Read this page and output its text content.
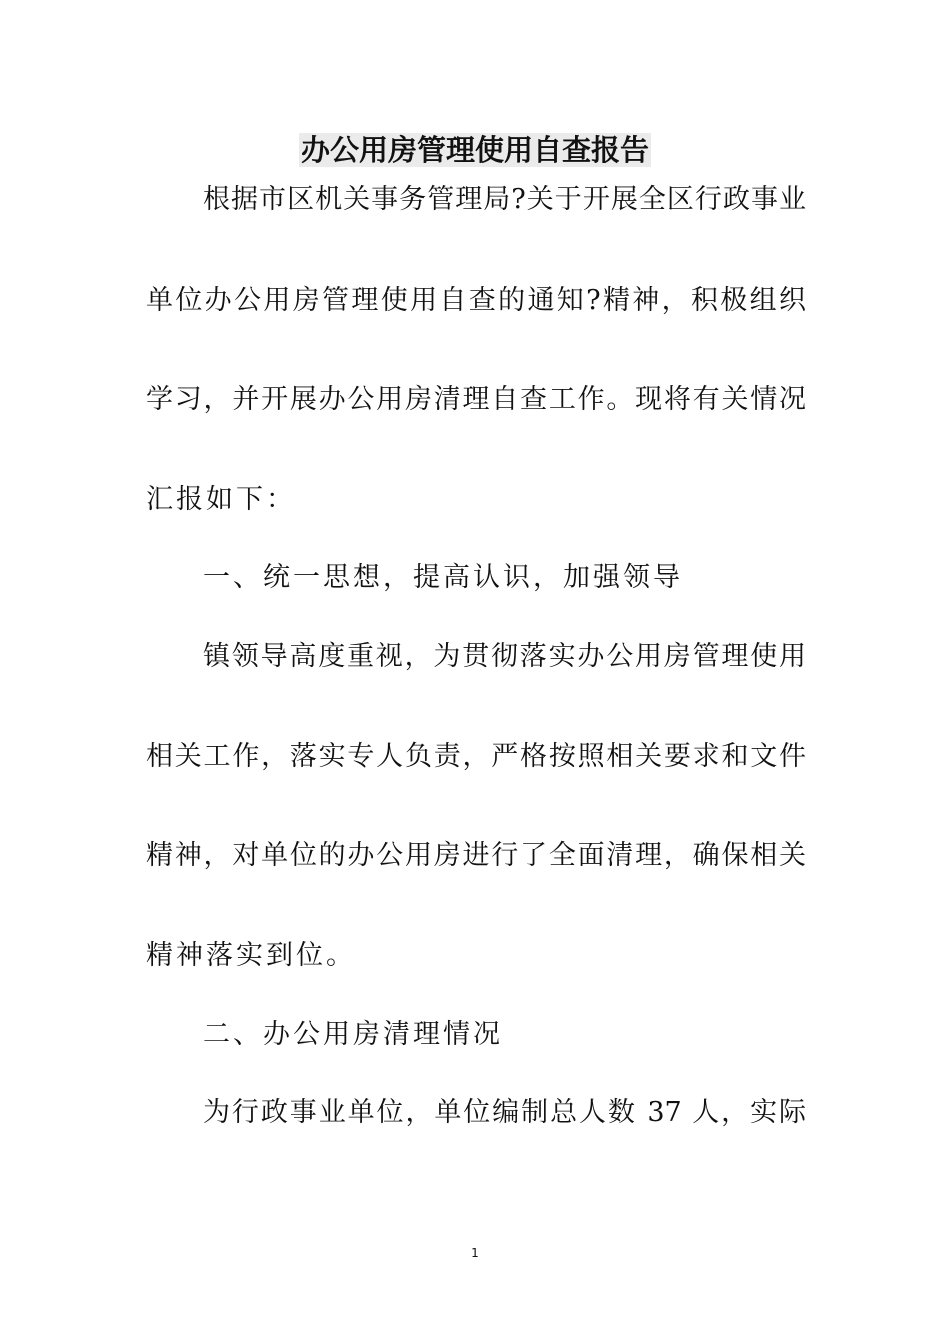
办公用房管理使用自查报告

根据市区机关事务管理局?关于开展全区行政事业

单位办公用房管理使用自查的通知?精神，积极组织

学习，并开展办公用房清理自查工作。现将有关情况

汇报如下：

一、统一思想，提高认识，加强领导

镇领导高度重视，为贯彻落实办公用房管理使用

相关工作，落实专人负责，严格按照相关要求和文件

精神，对单位的办公用房进行了全面清理，确保相关

精神落实到位。

二、办公用房清理情况

为行政事业单位，单位编制总人数 37 人，实际

1
